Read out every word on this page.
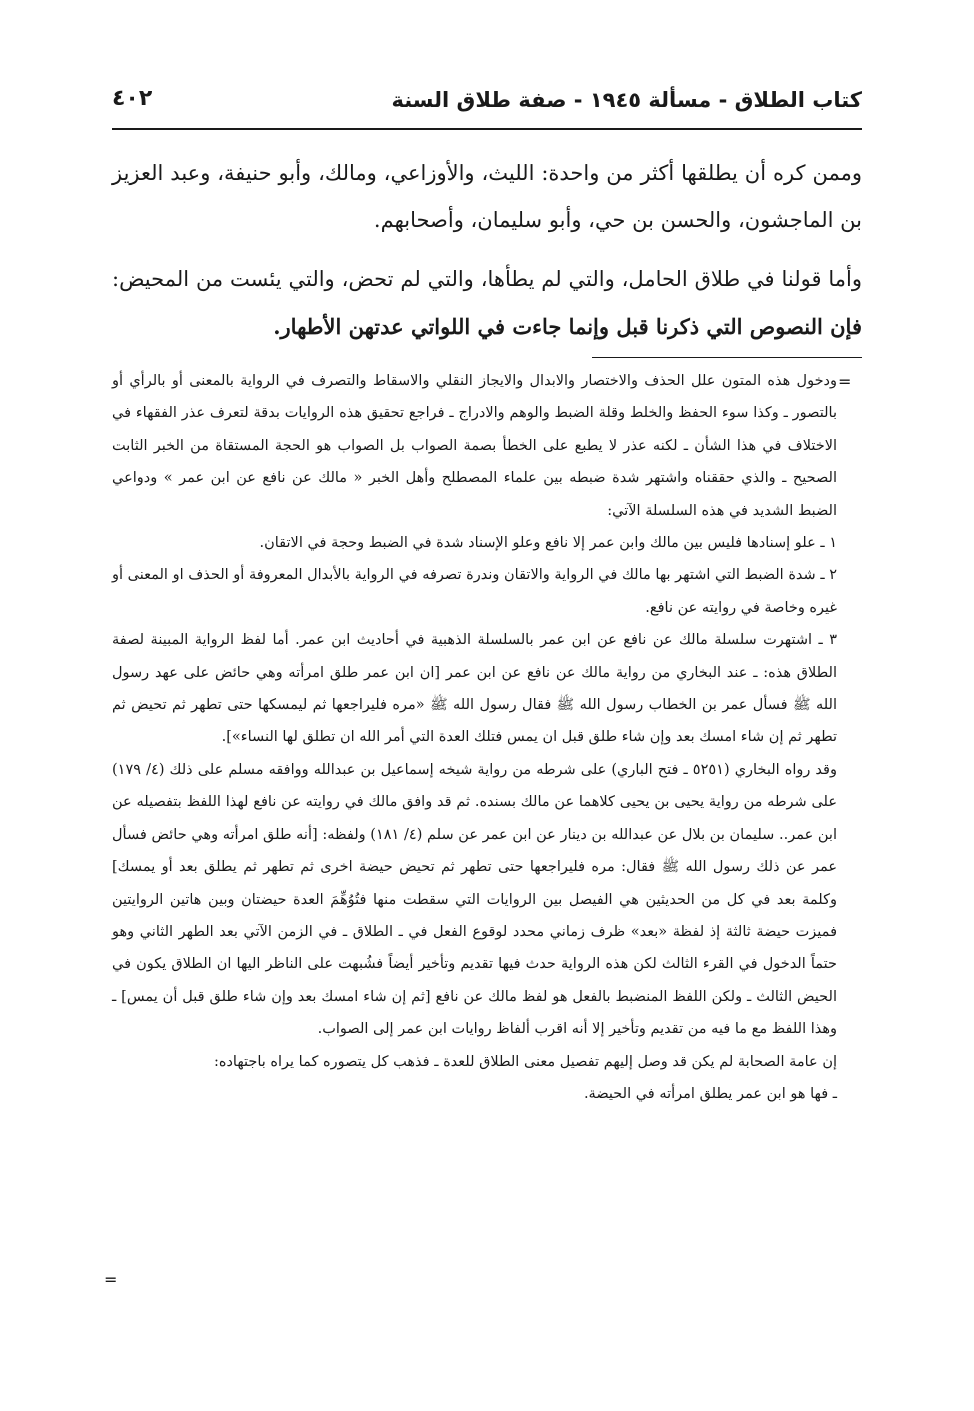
كتاب الطلاق - مسألة ١٩٤٥ - صفة طلاق السنة
٤٠٢

وممن كره أن يطلقها أكثر من واحدة: الليث، والأوزاعي، ومالك، وأبو حنيفة، وعبد العزيز بن الماجشون، والحسن بن حي، وأبو سليمان، وأصحابهم.

وأما قولنا في طلاق الحامل، والتي لم يطأها، والتي لم تحض، والتي يئست من المحيض: فإن النصوص التي ذكرنا قبل وإنما جاءت في اللواتي عدتهن الأطهار.

=

ودخول هذه المتون علل الحذف والاختصار والابدال والايجاز النقلي والاسقاط والتصرف في الرواية بالمعنى أو بالرأي أو بالتصور ـ وكذا سوء الحفظ والخلط وقلة الضبط والوهم والادراج ـ فراجع تحقيق هذه الروايات بدقة لتعرف عذر الفقهاء في الاختلاف في هذا الشأن ـ لكنه عذر لا يطبع على الخطأ بصمة الصواب بل الصواب هو الحجة المستقاة من الخبر الثابت الصحيح ـ والذي حققناه واشتهر شدة ضبطه بين علماء المصطلح وأهل الخبر « مالك عن نافع عن ابن عمر » ودواعي الضبط الشديد في هذه السلسلة الآتي:

١ ـ علو إسنادها فليس بين مالك وابن عمر إلا نافع وعلو الإسناد شدة في الضبط وحجة في الاتقان.

٢ ـ شدة الضبط التي اشتهر بها مالك في الرواية والاتقان وندرة تصرفه في الرواية بالأبدال المعروفة أو الحذف او المعنى أو غيره وخاصة في روايته عن نافع.

٣ ـ اشتهرت سلسلة مالك عن نافع عن ابن عمر بالسلسلة الذهبية في أحاديث ابن عمر. أما لفظ الرواية المبينة لصفة الطلاق هذه: ـ عند البخاري من رواية مالك عن نافع عن ابن عمر [ان ابن عمر طلق امرأته وهي حائض على عهد رسول الله ﷺ فسأل عمر بن الخطاب رسول الله ﷺ فقال رسول الله ﷺ «مره فليراجعها ثم ليمسكها حتى تطهر ثم تحيض ثم تطهر ثم إن شاء امسك بعد وإن شاء طلق قبل ان يمس فتلك العدة التي أمر الله ان تطلق لها النساء»].

وقد رواه البخاري (٥٢٥١ ـ فتح الباري) على شرطه من رواية شيخه إسماعيل بن عبدالله ووافقه مسلم على ذلك (٤/ ١٧٩) على شرطه من رواية يحيى بن يحيى كلاهما عن مالك بسنده. ثم قد وافق مالك في روايته عن نافع لهذا اللفظ بتفصيله عن ابن عمر.. سليمان بن بلال عن عبدالله بن دينار عن ابن عمر عن سلم (٤/ ١٨١) ولفظه: [أنه طلق امرأته وهي حائض فسأل عمر عن ذلك رسول الله ﷺ فقال: مره فليراجعها حتى تطهر ثم تحيض حيضة اخرى ثم تطهر ثم يطلق بعد أو يمسك] وكلمة بعد في كل من الحديثين هي الفيصل بين الروايات التي سقطت منها فتُوُهِّمَ العدة حيضتان وبين هاتين الروايتين فميزت حيضة ثالثة إذ لفظة «بعد» ظرف زماني محدد لوقوع الفعل في ـ الطلاق ـ في الزمن الآتي بعد الطهر الثاني وهو حتماً الدخول في القرء الثالث لكن هذه الرواية حدث فيها تقديم وتأخير أيضاً فشُبهت على الناظر اليها ان الطلاق يكون في الحيض الثالث ـ ولكن اللفظ المنضبط بالفعل هو لفظ مالك عن نافع [ثم إن شاء امسك بعد وإن شاء طلق قبل أن يمس] ـ وهذا اللفظ مع ما فيه من تقديم وتأخير إلا أنه اقرب ألفاظ روايات ابن عمر إلى الصواب.

إن عامة الصحابة لم يكن قد وصل إليهم تفصيل معنى الطلاق للعدة ـ فذهب كل يتصوره كما يراه باجتهاده:

ـ فها هو ابن عمر يطلق امرأته في الحيضة.

=
